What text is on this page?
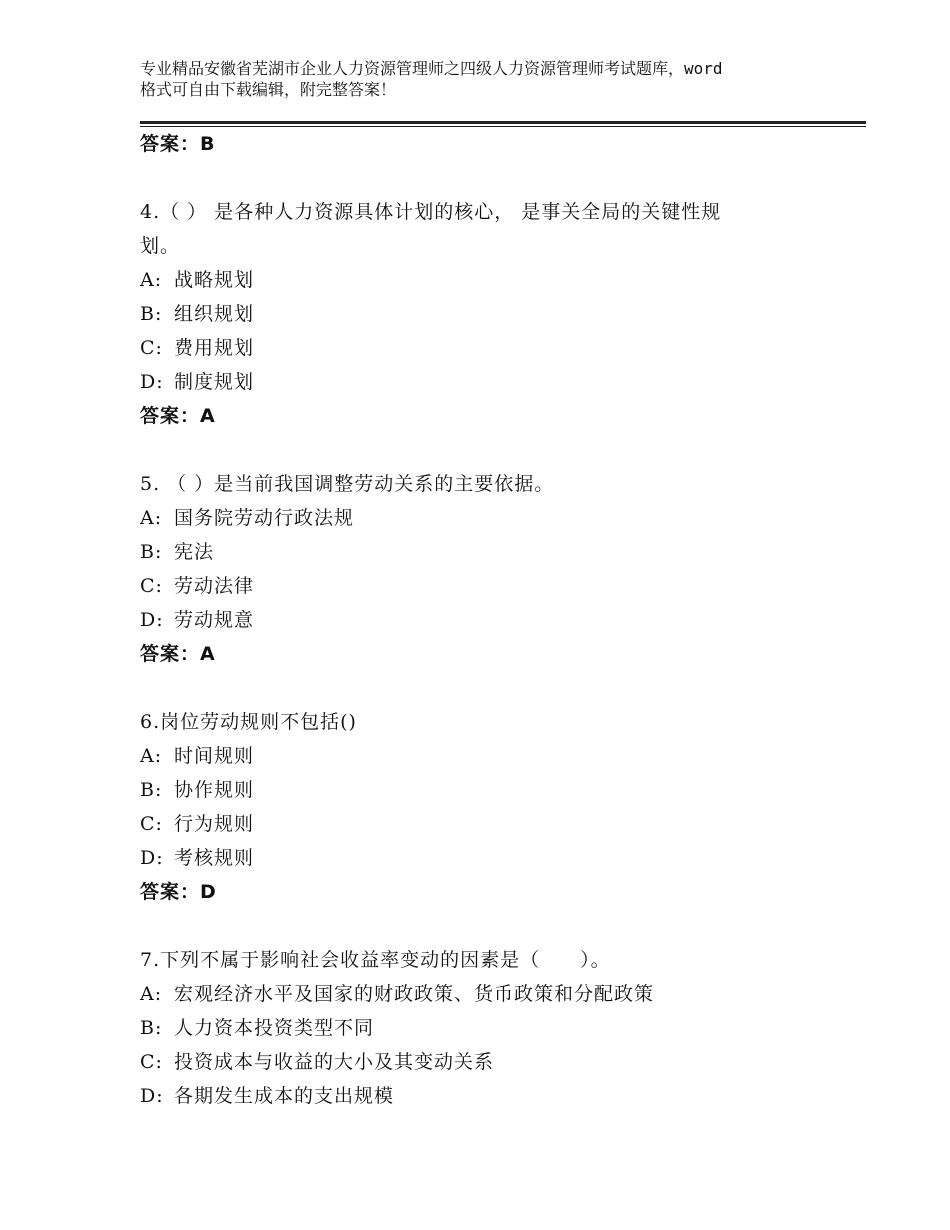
专业精品安徽省芜湖市企业人力资源管理师之四级人力资源管理师考试题库，word
格式可自由下载编辑，附完整答案！
答案：B
4.（ ） 是各种人力资源具体计划的核心， 是事关全局的关键性规
划。
A: 战略规划
B: 组织规划
C: 费用规划
D: 制度规划
答案：A
5. （ ）是当前我国调整劳动关系的主要依据。
A: 国务院劳动行政法规
B: 宪法
C: 劳动法律
D: 劳动规意
答案：A
6.岗位劳动规则不包括()
A: 时间规则
B: 协作规则
C: 行为规则
D: 考核规则
答案：D
7.下列不属于影响社会收益率变动的因素是（　　）。
A: 宏观经济水平及国家的财政政策、货币政策和分配政策
B: 人力资本投资类型不同
C: 投资成本与收益的大小及其变动关系
D: 各期发生成本的支出规模
